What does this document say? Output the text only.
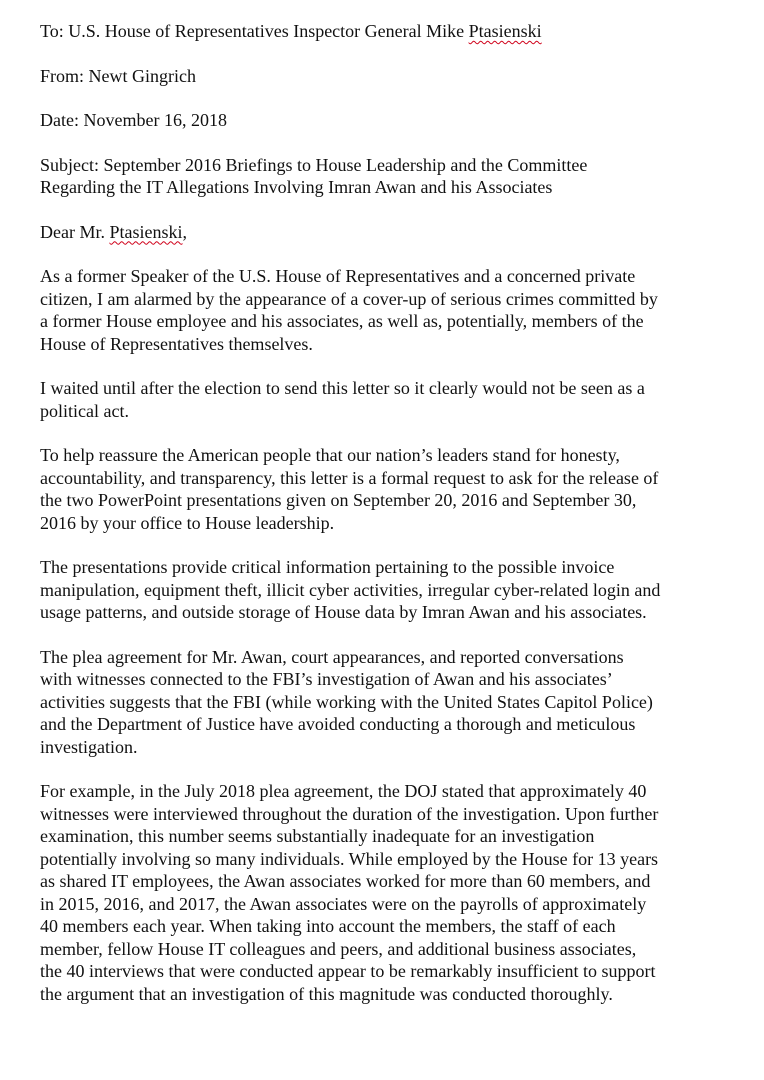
To: U.S. House of Representatives Inspector General Mike Ptasienski
From: Newt Gingrich
Date: November 16, 2018
Subject: September 2016 Briefings to House Leadership and the Committee
Regarding the IT Allegations Involving Imran Awan and his Associates
Dear Mr. Ptasienski,
As a former Speaker of the U.S. House of Representatives and a concerned private
citizen, I am alarmed by the appearance of a cover-up of serious crimes committed by
a former House employee and his associates, as well as, potentially, members of the
House of Representatives themselves.
I waited until after the election to send this letter so it clearly would not be seen as a
political act.
To help reassure the American people that our nation’s leaders stand for honesty,
accountability, and transparency, this letter is a formal request to ask for the release of
the two PowerPoint presentations given on September 20, 2016 and September 30,
2016 by your office to House leadership.
The presentations provide critical information pertaining to the possible invoice
manipulation, equipment theft, illicit cyber activities, irregular cyber-related login and
usage patterns, and outside storage of House data by Imran Awan and his associates.
The plea agreement for Mr. Awan, court appearances, and reported conversations
with witnesses connected to the FBI’s investigation of Awan and his associates’
activities suggests that the FBI (while working with the United States Capitol Police)
and the Department of Justice have avoided conducting a thorough and meticulous
investigation.
For example, in the July 2018 plea agreement, the DOJ stated that approximately 40
witnesses were interviewed throughout the duration of the investigation. Upon further
examination, this number seems substantially inadequate for an investigation
potentially involving so many individuals. While employed by the House for 13 years
as shared IT employees, the Awan associates worked for more than 60 members, and
in 2015, 2016, and 2017, the Awan associates were on the payrolls of approximately
40 members each year. When taking into account the members, the staff of each
member, fellow House IT colleagues and peers, and additional business associates,
the 40 interviews that were conducted appear to be remarkably insufficient to support
the argument that an investigation of this magnitude was conducted thoroughly.
